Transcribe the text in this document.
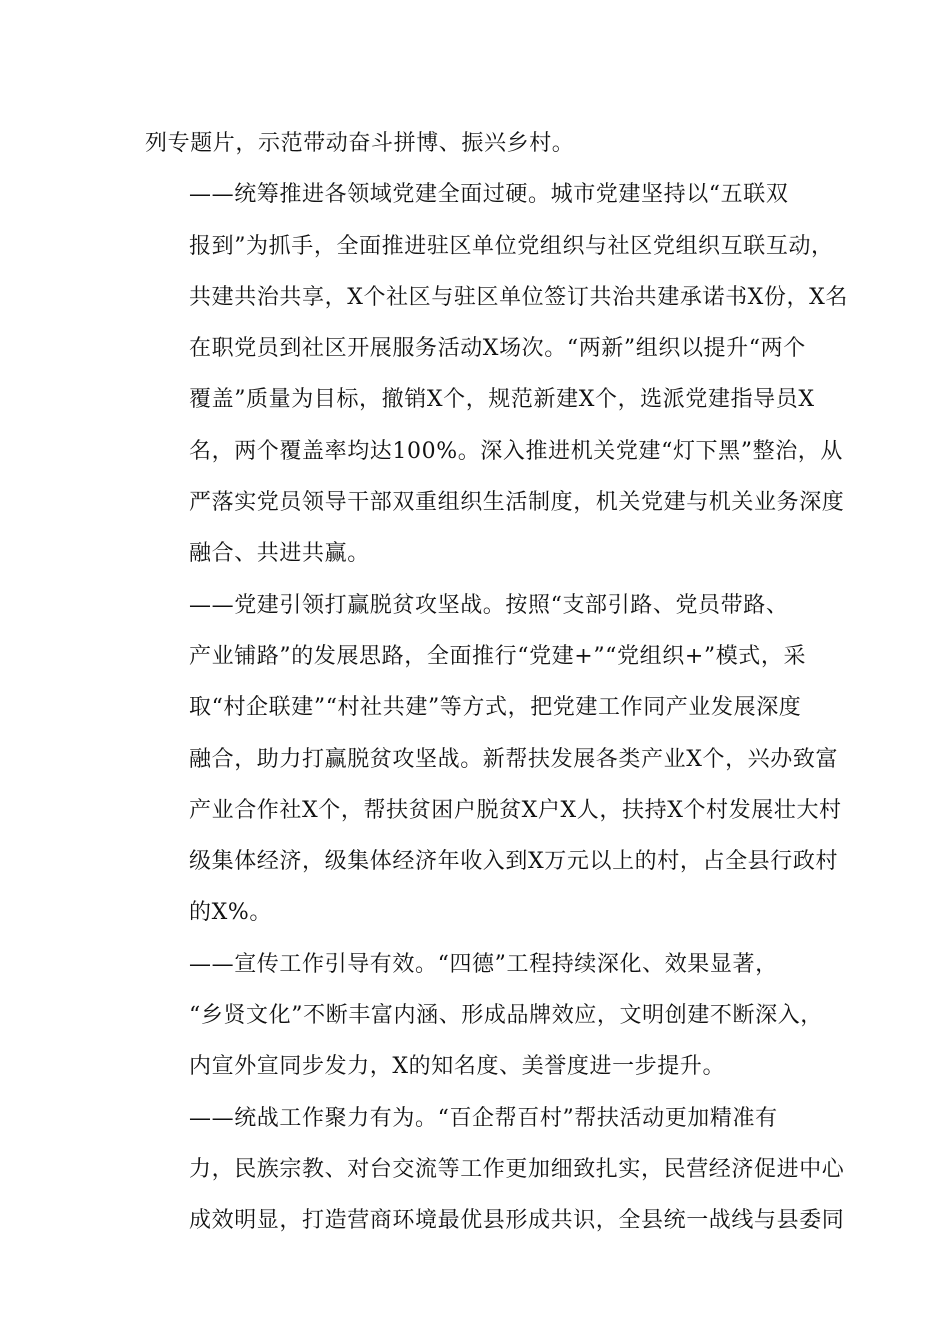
列专题片，示范带动奋斗拼博、振兴乡村。

——统筹推进各领域党建全面过硬。城市党建坚持以“五联双
报到”为抓手，全面推进驻区单位党组织与社区党组织互联互动，
共建共治共享，X个社区与驻区单位签订共治共建承诺书X份，X名
在职党员到社区开展服务活动X场次。“两新”组织以提升“两个
覆盖”质量为目标，撤销X个，规范新建X个，选派党建指导员X
名，两个覆盖率均达100%。深入推进机关党建“灯下黑”整治，从
严落实党员领导干部双重组织生活制度，机关党建与机关业务深度
融合、共进共赢。

——党建引领打赢脱贫攻坚战。按照“支部引路、党员带路、
产业铺路”的发展思路，全面推行“党建+”“党组织+”模式，采
取“村企联建”“村社共建”等方式，把党建工作同产业发展深度
融合，助力打赢脱贫攻坚战。新帮扶发展各类产业X个，兴办致富
产业合作社X个，帮扶贫困户脱贫X户X人，扶持X个村发展壮大村
级集体经济，级集体经济年收入到X万元以上的村，占全县行政村
的X%。

——宣传工作引导有效。“四德”工程持续深化、效果显著，
“乡贤文化”不断丰富内涵、形成品牌效应，文明创建不断深入，
内宣外宣同步发力，X的知名度、美誉度进一步提升。

——统战工作聚力有为。“百企帮百村”帮扶活动更加精准有
力，民族宗教、对台交流等工作更加细致扎实，民营经济促进中心
成效明显，打造营商环境最优县形成共识，全县统一战线与县委同
